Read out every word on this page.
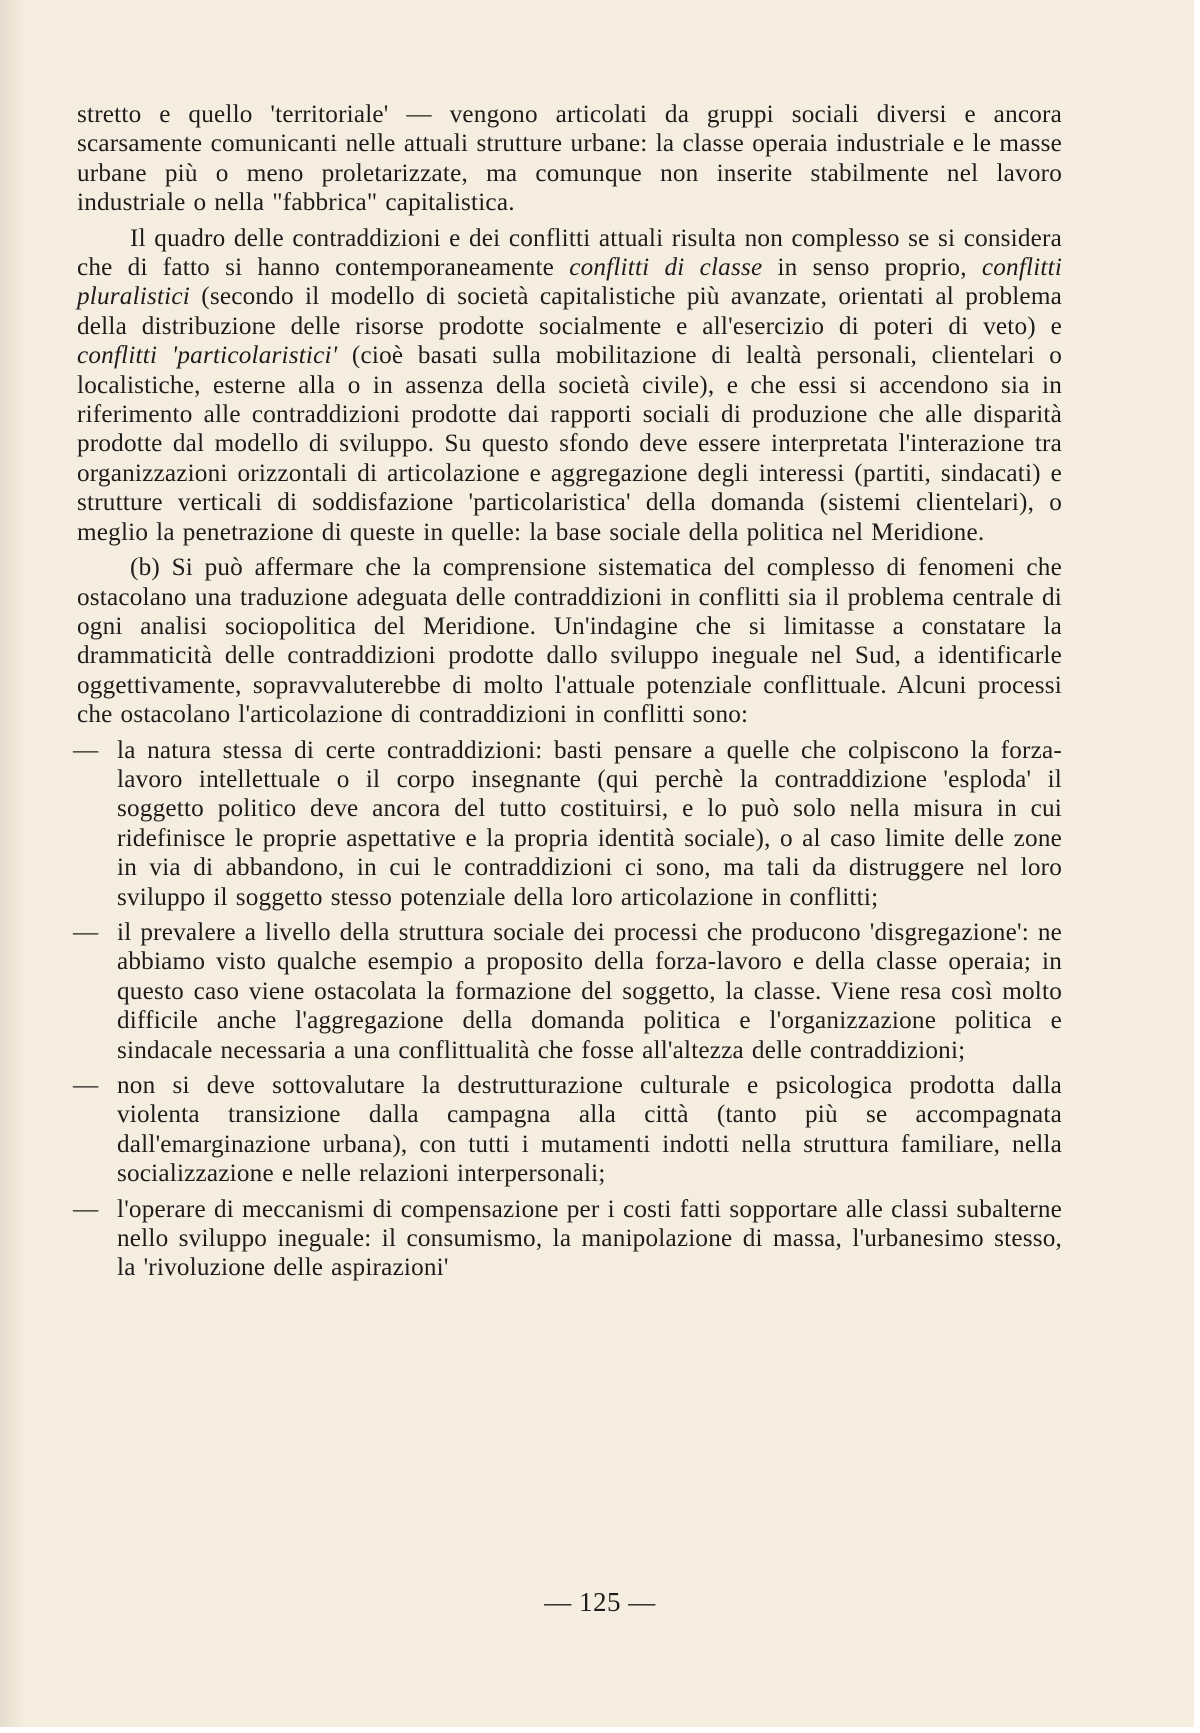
stretto e quello 'territoriale' — vengono articolati da gruppi sociali diversi e ancora scarsamente comunicanti nelle attuali strutture urbane: la classe operaia industriale e le masse urbane più o meno proletarizzate, ma comunque non inserite stabilmente nel lavoro industriale o nella "fabbrica" capitalistica.

Il quadro delle contraddizioni e dei conflitti attuali risulta non complesso se si considera che di fatto si hanno contemporaneamente conflitti di classe in senso proprio, conflitti pluralistici (secondo il modello di società capitalistiche più avanzate, orientati al problema della distribuzione delle risorse prodotte socialmente e all'esercizio di poteri di veto) e conflitti 'particolaristici' (cioè basati sulla mobilitazione di lealtà personali, clientelari o localistiche, esterne alla o in assenza della società civile), e che essi si accendono sia in riferimento alle contraddizioni prodotte dai rapporti sociali di produzione che alle disparità prodotte dal modello di sviluppo. Su questo sfondo deve essere interpretata l'interazione tra organizzazioni orizzontali di articolazione e aggregazione degli interessi (partiti, sindacati) e strutture verticali di soddisfazione 'particolaristica' della domanda (sistemi clientelari), o meglio la penetrazione di queste in quelle: la base sociale della politica nel Meridione.

(b) Si può affermare che la comprensione sistematica del complesso di fenomeni che ostacolano una traduzione adeguata delle contraddizioni in conflitti sia il problema centrale di ogni analisi sociopolitica del Meridione. Un'indagine che si limitasse a constatare la drammaticità delle contraddizioni prodotte dallo sviluppo ineguale nel Sud, a identificarle oggettivamente, sopravvaluterebbe di molto l'attuale potenziale conflittuale. Alcuni processi che ostacolano l'articolazione di contraddizioni in conflitti sono:

— la natura stessa di certe contraddizioni: basti pensare a quelle che colpiscono la forza-lavoro intellettuale o il corpo insegnante (qui perchè la contraddizione 'esploda' il soggetto politico deve ancora del tutto costituirsi, e lo può solo nella misura in cui ridefinisce le proprie aspettative e la propria identità sociale), o al caso limite delle zone in via di abbandono, in cui le contraddizioni ci sono, ma tali da distruggere nel loro sviluppo il soggetto stesso potenziale della loro articolazione in conflitti;
— il prevalere a livello della struttura sociale dei processi che producono 'disgregazione': ne abbiamo visto qualche esempio a proposito della forza-lavoro e della classe operaia; in questo caso viene ostacolata la formazione del soggetto, la classe. Viene resa così molto difficile anche l'aggregazione della domanda politica e l'organizzazione politica e sindacale necessaria a una conflittualità che fosse all'altezza delle contraddizioni;
— non si deve sottovalutare la destrutturazione culturale e psicologica prodotta dalla violenta transizione dalla campagna alla città (tanto più se accompagnata dall'emarginazione urbana), con tutti i mutamenti indotti nella struttura familiare, nella socializzazione e nelle relazioni interpersonali;
— l'operare di meccanismi di compensazione per i costi fatti sopportare alle classi subalterne nello sviluppo ineguale: il consumismo, la manipolazione di massa, l'urbanesimo stesso, la 'rivoluzione delle aspirazioni'
— 125 —
